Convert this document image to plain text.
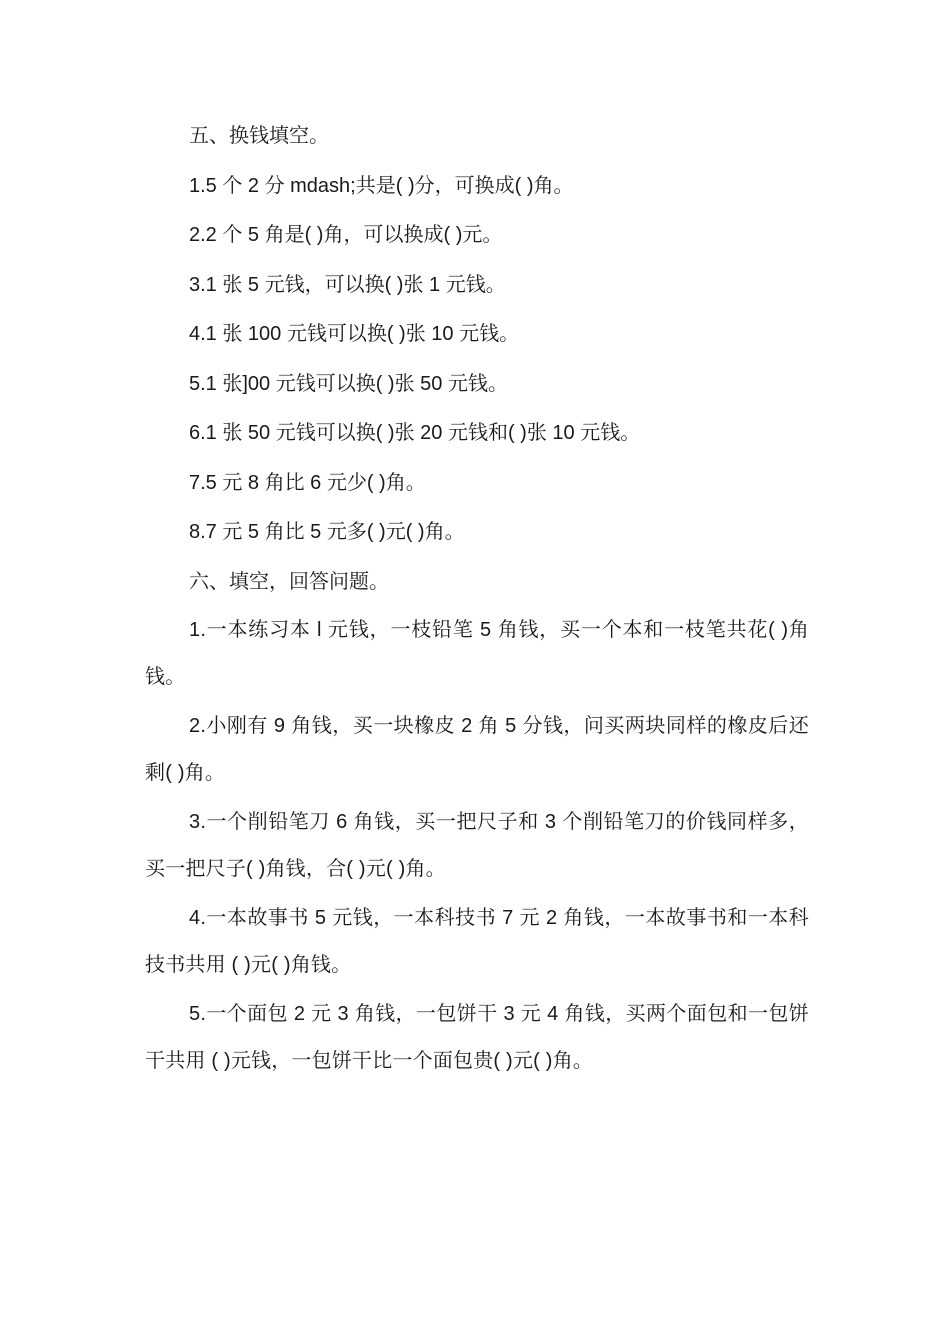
五、换钱填空。
1.5 个 2 分 mdash;共是( )分，可换成( )角。
2.2 个 5 角是( )角，可以换成( )元。
3.1 张 5 元钱，可以换( )张 1 元钱。
4.1 张 100 元钱可以换( )张 10 元钱。
5.1 张]00 元钱可以换( )张 50 元钱。
6.1 张 50 元钱可以换( )张 20 元钱和( )张 10 元钱。
7.5 元 8 角比 6 元少( )角。
8.7 元 5 角比 5 元多( )元( )角。
六、填空，回答问题。
1.一本练习本 l 元钱，一枝铅笔 5 角钱，买一个本和一枝笔共花( )角钱。
2.小刚有 9 角钱，买一块橡皮 2 角 5 分钱，问买两块同样的橡皮后还剩( )角。
3.一个削铅笔刀 6 角钱，买一把尺子和 3 个削铅笔刀的价钱同样多，买一把尺子( )角钱，合( )元( )角。
4.一本故事书 5 元钱，一本科技书 7 元 2 角钱，一本故事书和一本科技书共用 ( )元( )角钱。
5.一个面包 2 元 3 角钱，一包饼干 3 元 4 角钱，买两个面包和一包饼干共用 ( )元钱，一包饼干比一个面包贵( )元( )角。
